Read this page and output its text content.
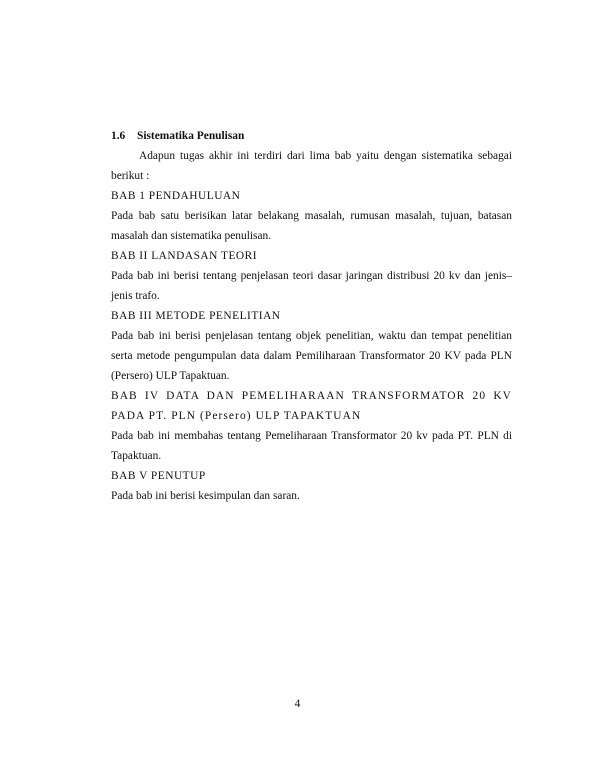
1.6 Sistematika Penulisan

Adapun tugas akhir ini terdiri dari lima bab yaitu dengan sistematika sebagai berikut :

BAB 1 PENDAHULUAN

Pada bab satu berisikan latar belakang masalah, rumusan masalah, tujuan, batasan masalah dan sistematika penulisan.

BAB II LANDASAN TEORI

Pada bab ini berisi tentang penjelasan teori dasar jaringan distribusi 20 kv dan jenis–jenis trafo.

BAB III METODE PENELITIAN

Pada bab ini berisi penjelasan tentang objek penelitian, waktu dan tempat penelitian serta metode pengumpulan data dalam Pemiliharaan Transformator 20 KV pada PLN (Persero) ULP Tapaktuan.

BAB IV DATA DAN PEMELIHARAAN TRANSFORMATOR 20 KV PADA PT. PLN (Persero) ULP TAPAKTUAN

Pada bab ini membahas tentang Pemeliharaan Transformator 20 kv pada PT. PLN di Tapaktuan.

BAB V PENUTUP

Pada bab ini berisi kesimpulan dan saran.

4
